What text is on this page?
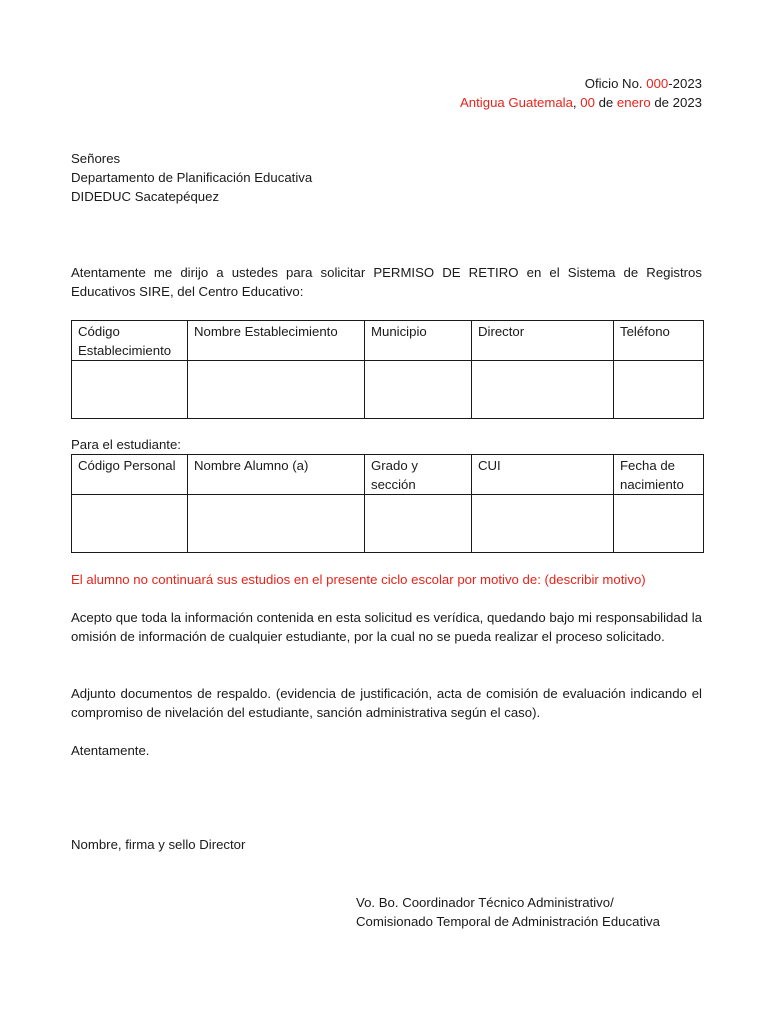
Oficio No. 000-2023
Antigua Guatemala, 00 de enero de 2023
Señores
Departamento de Planificación Educativa
DIDEDUC Sacatepéquez
Atentamente me dirijo a ustedes para solicitar PERMISO DE RETIRO en el Sistema de Registros Educativos SIRE, del Centro Educativo:
Código Establecimiento	Nombre Establecimiento	Municipio	Director	Teléfono

Para el estudiante:
Código Personal	Nombre Alumno (a)	Grado y sección	CUI	Fecha de nacimiento

El alumno no continuará sus estudios en el presente ciclo escolar por motivo de: (describir motivo)
Acepto que toda la información contenida en esta solicitud es verídica, quedando bajo mi responsabilidad la omisión de información de cualquier estudiante, por la cual no se pueda realizar el proceso solicitado.
Adjunto documentos de respaldo. (evidencia de justificación, acta de comisión de evaluación indicando el compromiso de nivelación del estudiante, sanción administrativa según el caso).
Atentamente.
Nombre, firma y sello Director
Vo. Bo. Coordinador Técnico Administrativo/
Comisionado Temporal de Administración Educativa
